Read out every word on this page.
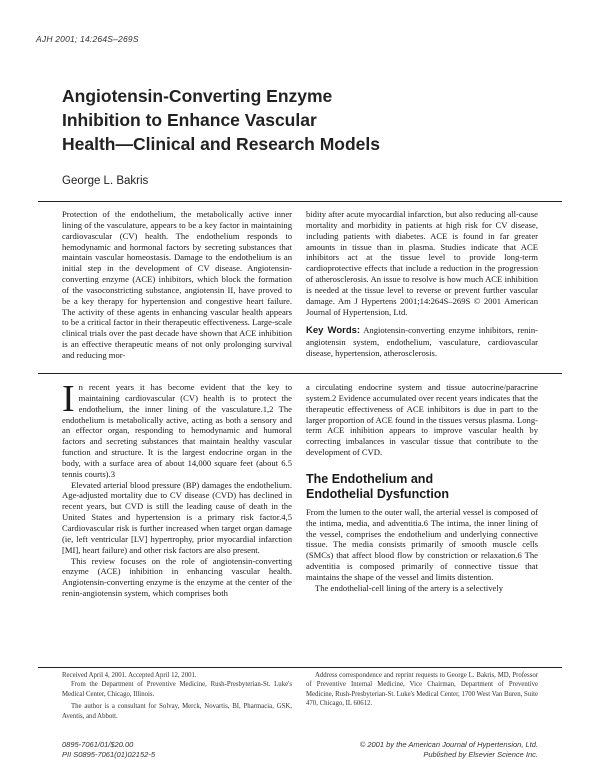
AJH 2001; 14:264S–269S
Angiotensin-Converting Enzyme
Inhibition to Enhance Vascular
Health—Clinical and Research Models
George L. Bakris

Protection of the endothelium, the metabolically active inner lining of the vasculature, appears to be a key factor in maintaining cardiovascular (CV) health. The endothelium responds to hemodynamic and hormonal factors by secreting substances that maintain vascular homeostasis. Damage to the endothelium is an initial step in the development of CV disease. Angiotensin-converting enzyme (ACE) inhibitors, which block the formation of the vasoconstricting substance, angiotensin II, have proved to be a key therapy for hypertension and congestive heart failure. The activity of these agents in enhancing vascular health appears to be a critical factor in their therapeutic effectiveness. Large-scale clinical trials over the past decade have shown that ACE inhibition is an effective therapeutic means of not only prolonging survival and reducing mor-

bidity after acute myocardial infarction, but also reducing all-cause mortality and morbidity in patients at high risk for CV disease, including patients with diabetes. ACE is found in far greater amounts in tissue than in plasma. Studies indicate that ACE inhibitors act at the tissue level to provide long-term cardioprotective effects that include a reduction in the progression of atherosclerosis. An issue to resolve is how much ACE inhibition is needed at the tissue level to reverse or prevent further vascular damage. Am J Hypertens 2001;14:264S–269S © 2001 American Journal of Hypertension, Ltd.

Key Words: Angiotensin-converting enzyme inhibitors, renin-angiotensin system, endothelium, vasculature, cardiovascular disease, hypertension, atherosclerosis.

In recent years it has become evident that the key to maintaining cardiovascular (CV) health is to protect the endothelium, the inner lining of the vasculature.1,2 The endothelium is metabolically active, acting as both a sensory and an effector organ, responding to hemodynamic and humoral factors and secreting substances that maintain healthy vascular function and structure. It is the largest endocrine organ in the body, with a surface area of about 14,000 square feet (about 6.5 tennis courts).3

Elevated arterial blood pressure (BP) damages the endothelium. Age-adjusted mortality due to CV disease (CVD) has declined in recent years, but CVD is still the leading cause of death in the United States and hypertension is a primary risk factor.4,5 Cardiovascular risk is further increased when target organ damage (ie, left ventricular [LV] hypertrophy, prior myocardial infarction [MI], heart failure) and other risk factors are also present.

This review focuses on the role of angiotensin-converting enzyme (ACE) inhibition in enhancing vascular health. Angiotensin-converting enzyme is the enzyme at the center of the renin-angiotensin system, which comprises both

a circulating endocrine system and tissue autocrine/paracrine system.2 Evidence accumulated over recent years indicates that the therapeutic effectiveness of ACE inhibitors is due in part to the larger proportion of ACE found in the tissues versus plasma. Long-term ACE inhibition appears to improve vascular health by correcting imbalances in vascular tissue that contribute to the development of CVD.

The Endothelium and
Endothelial Dysfunction

From the lumen to the outer wall, the arterial vessel is composed of the intima, media, and adventitia.6 The intima, the inner lining of the vessel, comprises the endothelium and underlying connective tissue. The media consists primarily of smooth muscle cells (SMCs) that affect blood flow by constriction or relaxation.6 The adventitia is composed primarily of connective tissue that maintains the shape of the vessel and limits distention.

The endothelial-cell lining of the artery is a selectively

Received April 4, 2001. Accepted April 12, 2001.

From the Department of Preventive Medicine, Rush-Presbyterian-St. Luke's Medical Center, Chicago, Illinois.

The author is a consultant for Solvay, Merck, Novartis, BI, Pharmacia, GSK, Aventis, and Abbott.

Address correspondence and reprint requests to George L. Bakris, MD, Professor of Preventive Internal Medicine, Vice Chairman, Department of Preventive Medicine, Rush-Presbyterian-St. Luke's Medical Center, 1700 West Van Buren, Suite 470, Chicago, IL 60612.

0895-7061/01/$20.00
PII S0895-7061(01)02152-5
© 2001 by the American Journal of Hypertension, Ltd.
Published by Elsevier Science Inc.
